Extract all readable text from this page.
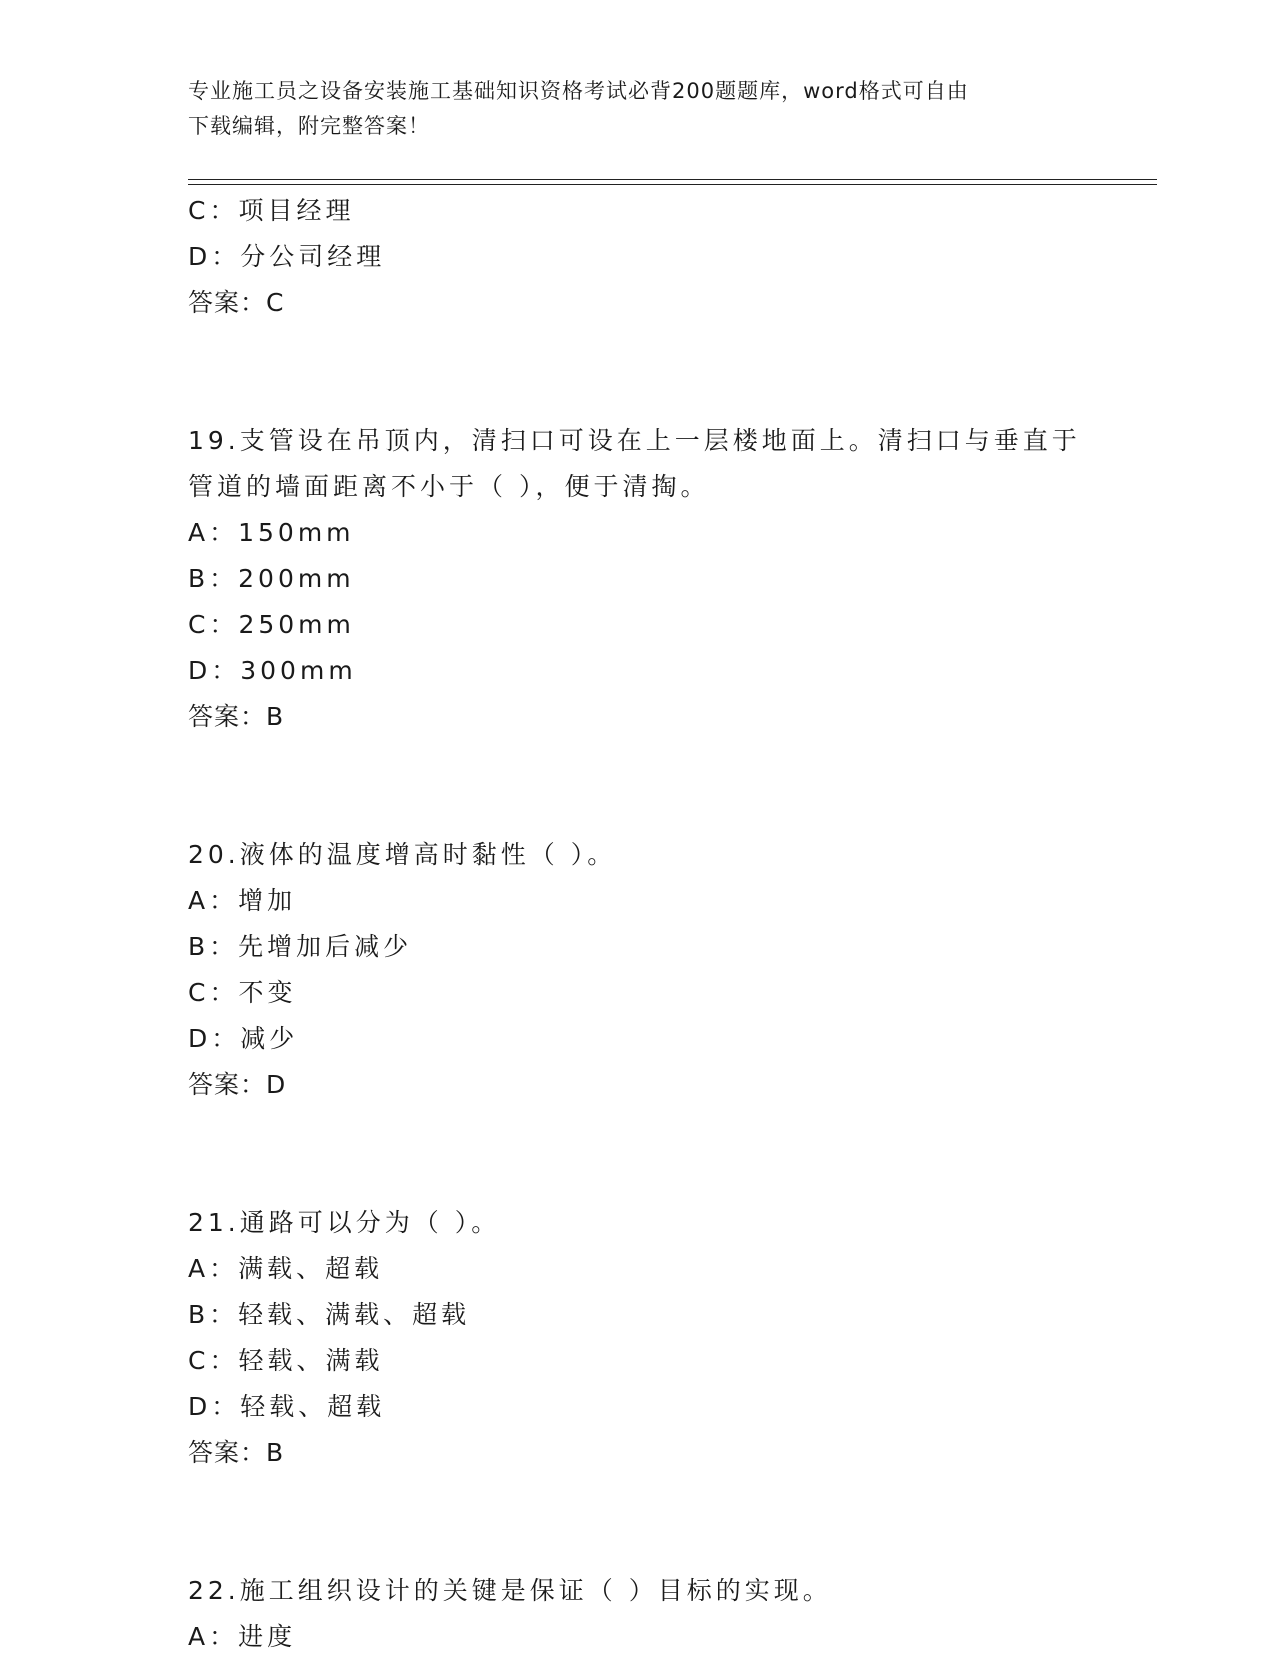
专业施工员之设备安装施工基础知识资格考试必背200题题库，word格式可自由
下载编辑，附完整答案！
C：项目经理
D：分公司经理
答案：C
19.支管设在吊顶内，清扫口可设在上一层楼地面上。清扫口与垂直于
管道的墙面距离不小于（ ），便于清掏。
A：150mm
B：200mm
C：250mm
D：300mm
答案：B
20.液体的温度增高时黏性（ ）。
A：增加
B：先增加后减少
C：不变
D：减少
答案：D
21.通路可以分为（ ）。
A：满载、超载
B：轻载、满载、超载
C：轻载、满载
D：轻载、超载
答案：B
22.施工组织设计的关键是保证（ ）目标的实现。
A：进度
